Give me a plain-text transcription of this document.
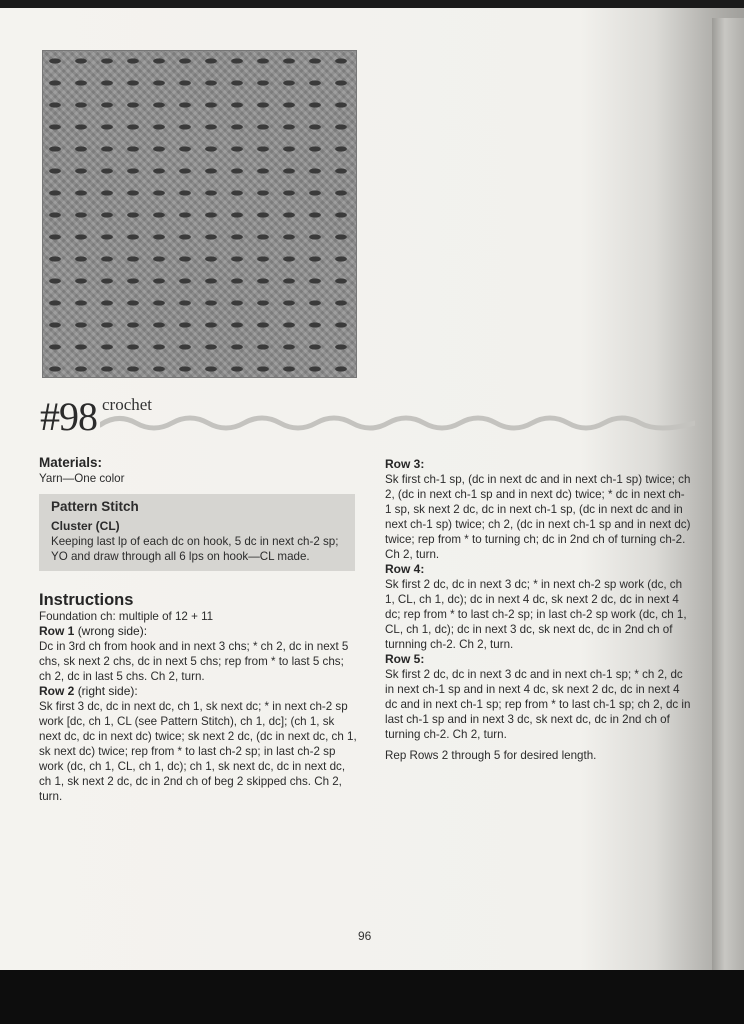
#98 crochet
Materials:

Yarn—One color

Pattern Stitch
Cluster (CL)

Keeping last lp of each dc on hook, 5 dc in next ch-2 sp; YO and draw through all 6 lps on hook—CL made.

Instructions

Foundation ch: multiple of 12 + 11

Row 1 (wrong side):

Dc in 3rd ch from hook and in next 3 chs; * ch 2, dc in next 5 chs, sk next 2 chs, dc in next 5 chs; rep from * to last 5 chs; ch 2, dc in last 5 chs. Ch 2, turn.

Row 2 (right side):

Sk first 3 dc, dc in next dc, ch 1, sk next dc; * in next ch-2 sp work [dc, ch 1, CL (see Pattern Stitch), ch 1, dc]; (ch 1, sk next dc, dc in next dc) twice; sk next 2 dc, (dc in next dc, ch 1, sk next dc) twice; rep from * to last ch-2 sp; in last ch-2 sp work (dc, ch 1, CL, ch 1, dc); ch 1, sk next dc, dc in next dc, ch 1, sk next 2 dc, dc in 2nd ch of beg 2 skipped chs. Ch 2, turn.

Row 3:

Sk first ch-1 sp, (dc in next dc and in next ch-1 sp) twice; ch 2, (dc in next ch-1 sp and in next dc) twice; * dc in next ch-1 sp, sk next 2 dc, dc in next ch-1 sp, (dc in next dc and in next ch-1 sp) twice; ch 2, (dc in next ch-1 sp and in next dc) twice; rep from * to turning ch; dc in 2nd ch of turning ch-2. Ch 2, turn.

Row 4:

Sk first 2 dc, dc in next 3 dc; * in next ch-2 sp work (dc, ch 1, CL, ch 1, dc); dc in next 4 dc, sk next 2 dc, dc in next 4 dc; rep from * to last ch-2 sp; in last ch-2 sp work (dc, ch 1, CL, ch 1, dc); dc in next 3 dc, sk next dc, dc in 2nd ch of turnning ch-2. Ch 2, turn.

Row 5:

Sk first 2 dc, dc in next 3 dc and in next ch-1 sp; * ch 2, dc in next ch-1 sp and in next 4 dc, sk next 2 dc, dc in next 4 dc and in next ch-1 sp; rep from * to last ch-1 sp; ch 2, dc in last ch-1 sp and in next 3 dc, sk next dc, dc in 2nd ch of turning ch-2. Ch 2, turn.

Rep Rows 2 through 5 for desired length.

96
